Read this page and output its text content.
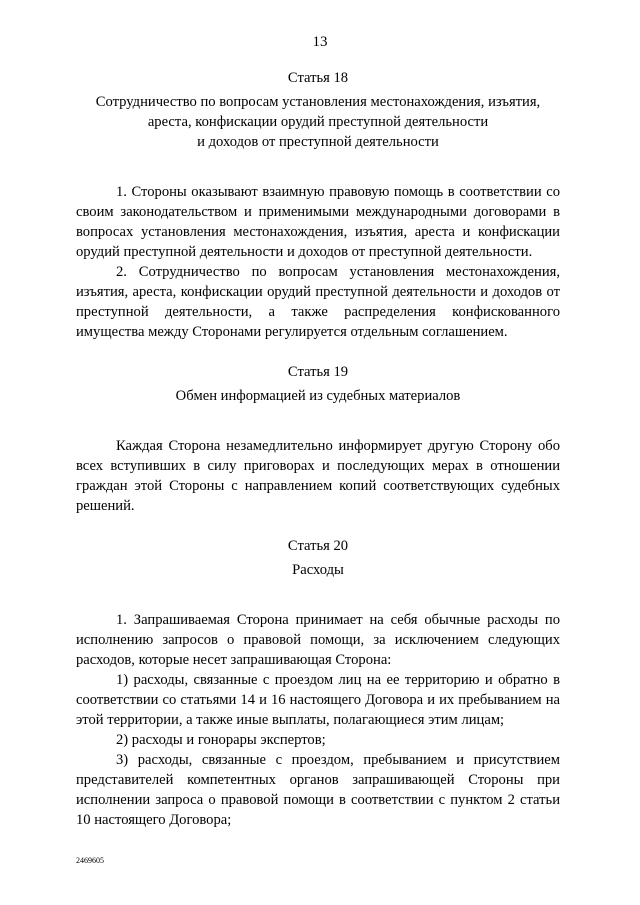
13
Статья 18
Сотрудничество по вопросам установления местонахождения, изъятия,
ареста, конфискации орудий преступной деятельности
и доходов от преступной деятельности

1. Стороны оказывают взаимную правовую помощь в соответствии со своим законодательством и применимыми международными договорами в вопросах установления местонахождения, изъятия, ареста и конфискации орудий преступной деятельности и доходов от преступной деятельности.

2. Сотрудничество по вопросам установления местонахождения, изъятия, ареста, конфискации орудий преступной деятельности и доходов от преступной деятельности, а также распределения конфискованного имущества между Сторонами регулируется отдельным соглашением.

Статья 19
Обмен информацией из судебных материалов

Каждая Сторона незамедлительно информирует другую Сторону обо всех вступивших в силу приговорах и последующих мерах в отношении граждан этой Стороны с направлением копий соответствующих судебных решений.

Статья 20
Расходы

1. Запрашиваемая Сторона принимает на себя обычные расходы по исполнению запросов о правовой помощи, за исключением следующих расходов, которые несет запрашивающая Сторона:

1) расходы, связанные с проездом лиц на ее территорию и обратно в соответствии со статьями 14 и 16 настоящего Договора и их пребыванием на этой территории, а также иные выплаты, полагающиеся этим лицам;

2) расходы и гонорары экспертов;

3) расходы, связанные с проездом, пребыванием и присутствием представителей компетентных органов запрашивающей Стороны при исполнении запроса о правовой помощи в соответствии с пунктом 2 статьи 10 настоящего Договора;

2469605
